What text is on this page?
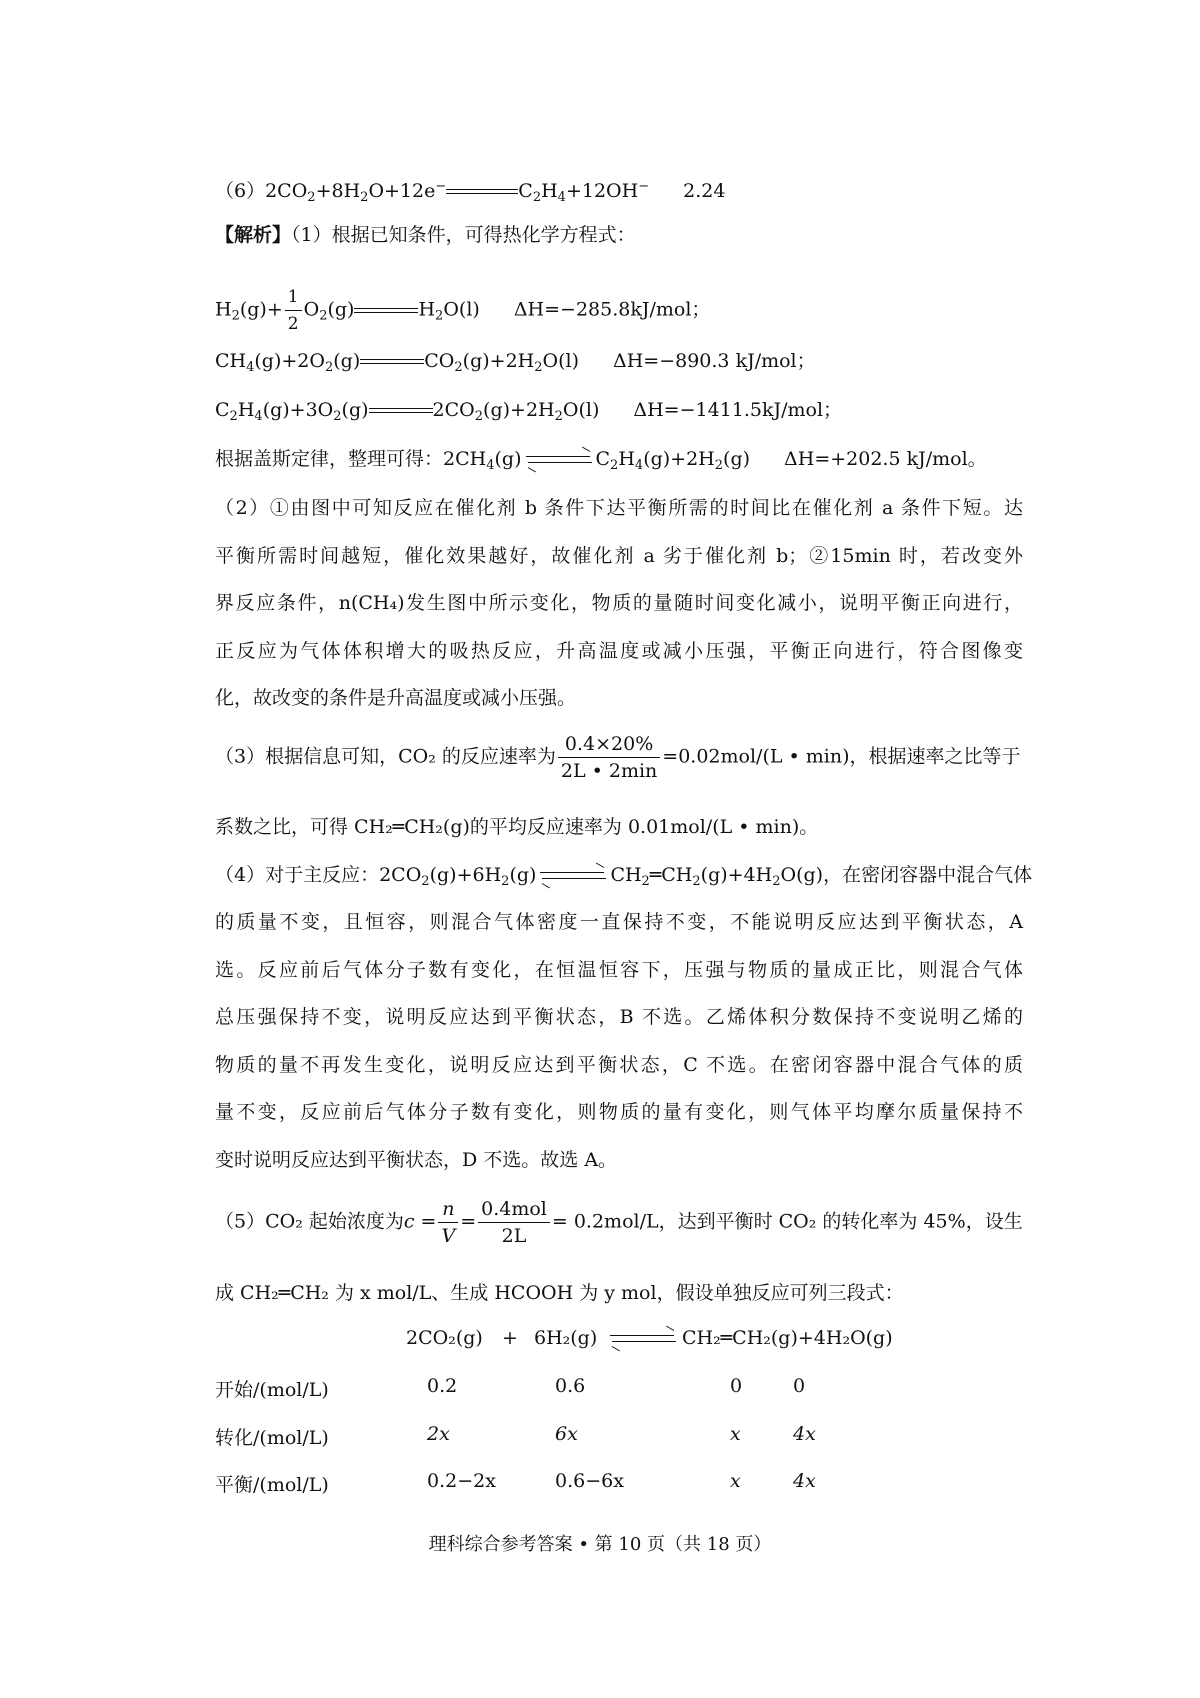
$(6)2CO_2+8H_2O+12e^-$	$C_2H_4+12OH^-$ 2.24
【解析】（1）根据已知条件，可得热化学方程式：
$H_2(g)+ \frac{1}{2} O_2(g)$	$H_2O(l)$ ΔH=−285.8kJ/mol；
$CH_4(g)+2O_2(g)$	$CO_2(g)+2H_2O(l)$ ΔH=−890.3 kJ/mol；
$C_2H_4(g)+3O_2(g)$	$2CO_2(g)+2H_2O(l)$ ΔH=−1411.5kJ/mol；
根据盖斯定律，整理可得：$2CH_4(g)$	$C_2H_4(g)+2H_2(g)$ ΔH=+202.5 kJ/mol。
（2）①由图中可知反应在催化剂 b 条件下达平衡所需的时间比在催化剂 a 条件下短。达
平衡所需时间越短，催化效果越好，故催化剂 a 劣于催化剂 b；②15min 时，若改变外
界反应条件，n(CH₄)发生图中所示变化，物质的量随时间变化减小，说明平衡正向进行，
正反应为气体体积增大的吸热反应，升高温度或减小压强，平衡正向进行，符合图像变
化，故改变的条件是升高温度或减小压强。
（3）根据信息可知，CO₂ 的反应速率为 $\frac{0.4\times 20\%}{2L • 2\min} =0.02mol/(L$ • min)，根据速率之比等于
系数之比，可得 CH₂═CH₂(g)的平均反应速率为 0.01mol/(L • min)。
（4）对于主反应：$2CO_2(g)+6H_2(g)$	$CH_2═CH_2(g)+4H_2O(g)$，在密闭容器中混合气体
的质量不变，且恒容，则混合气体密度一直保持不变，不能说明反应达到平衡状态，A
选。反应前后气体分子数有变化，在恒温恒容下，压强与物质的量成正比，则混合气体
总压强保持不变，说明反应达到平衡状态，B 不选。乙烯体积分数保持不变说明乙烯的
物质的量不再发生变化，说明反应达到平衡状态，C 不选。在密闭容器中混合气体的质
量不变，反应前后气体分子数有变化，则物质的量有变化，则气体平均摩尔质量保持不
变时说明反应达到平衡状态，D 不选。故选 A。
（5）CO₂ 起始浓度为$c = \frac{n}{V} = \frac{\text{0.4mol}}{2L} = 0.2mol/L$，达到平衡时 CO₂ 的转化率为 45%，设生
成 CH₂═CH₂ 为 x mol/L、生成 HCOOH 为 y mol，假设单独反应可列三段式：
2CO₂(g) + 6H₂(g)	CH₂═CH₂(g)+4H₂O(g)
开始/(mol/L)	0.2	0.6	0	0
转化/(mol/L)	2x	6x	x	4x
平衡/(mol/L)	0.2−2x	0.6−6x	x	4x
理科综合参考答案 • 第 10 页（共 18 页）
